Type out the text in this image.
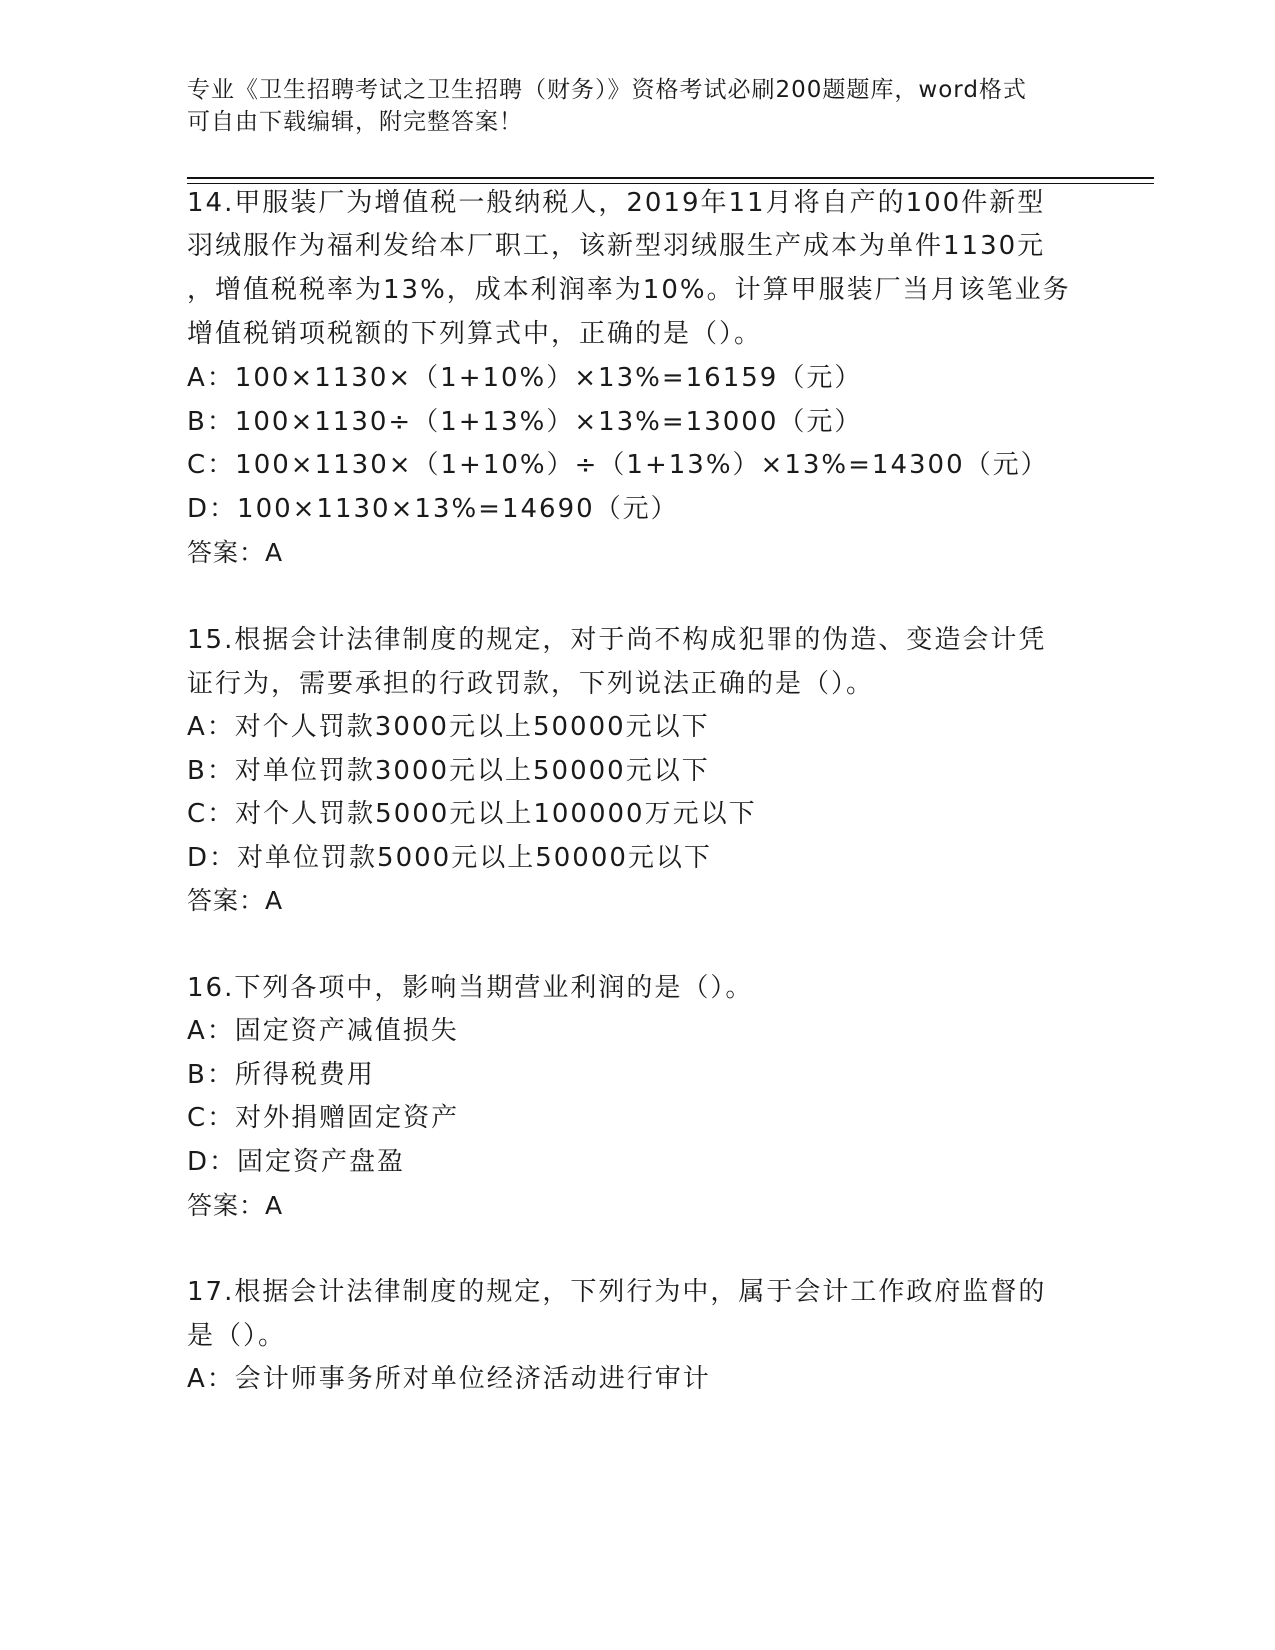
专业《卫生招聘考试之卫生招聘（财务）》资格考试必刷200题题库，word格式
可自由下载编辑，附完整答案！
14.甲服装厂为增值税一般纳税人，2019年11月将自产的100件新型
羽绒服作为福利发给本厂职工，该新型羽绒服生产成本为单件1130元
，增值税税率为13%，成本利润率为10%。计算甲服装厂当月该笔业务
增值税销项税额的下列算式中，正确的是（）。
A：100×1130×（1+10%）×13%=16159（元）
B：100×1130÷（1+13%）×13%=13000（元）
C：100×1130×（1+10%）÷（1+13%）×13%=14300（元）
D：100×1130×13%=14690（元）
答案：A
15.根据会计法律制度的规定，对于尚不构成犯罪的伪造、变造会计凭
证行为，需要承担的行政罚款，下列说法正确的是（）。
A：对个人罚款3000元以上50000元以下
B：对单位罚款3000元以上50000元以下
C：对个人罚款5000元以上100000万元以下
D：对单位罚款5000元以上50000元以下
答案：A
16.下列各项中，影响当期营业利润的是（）。
A：固定资产减值损失
B：所得税费用
C：对外捐赠固定资产
D：固定资产盘盈
答案：A
17.根据会计法律制度的规定，下列行为中，属于会计工作政府监督的
是（）。
A：会计师事务所对单位经济活动进行审计
